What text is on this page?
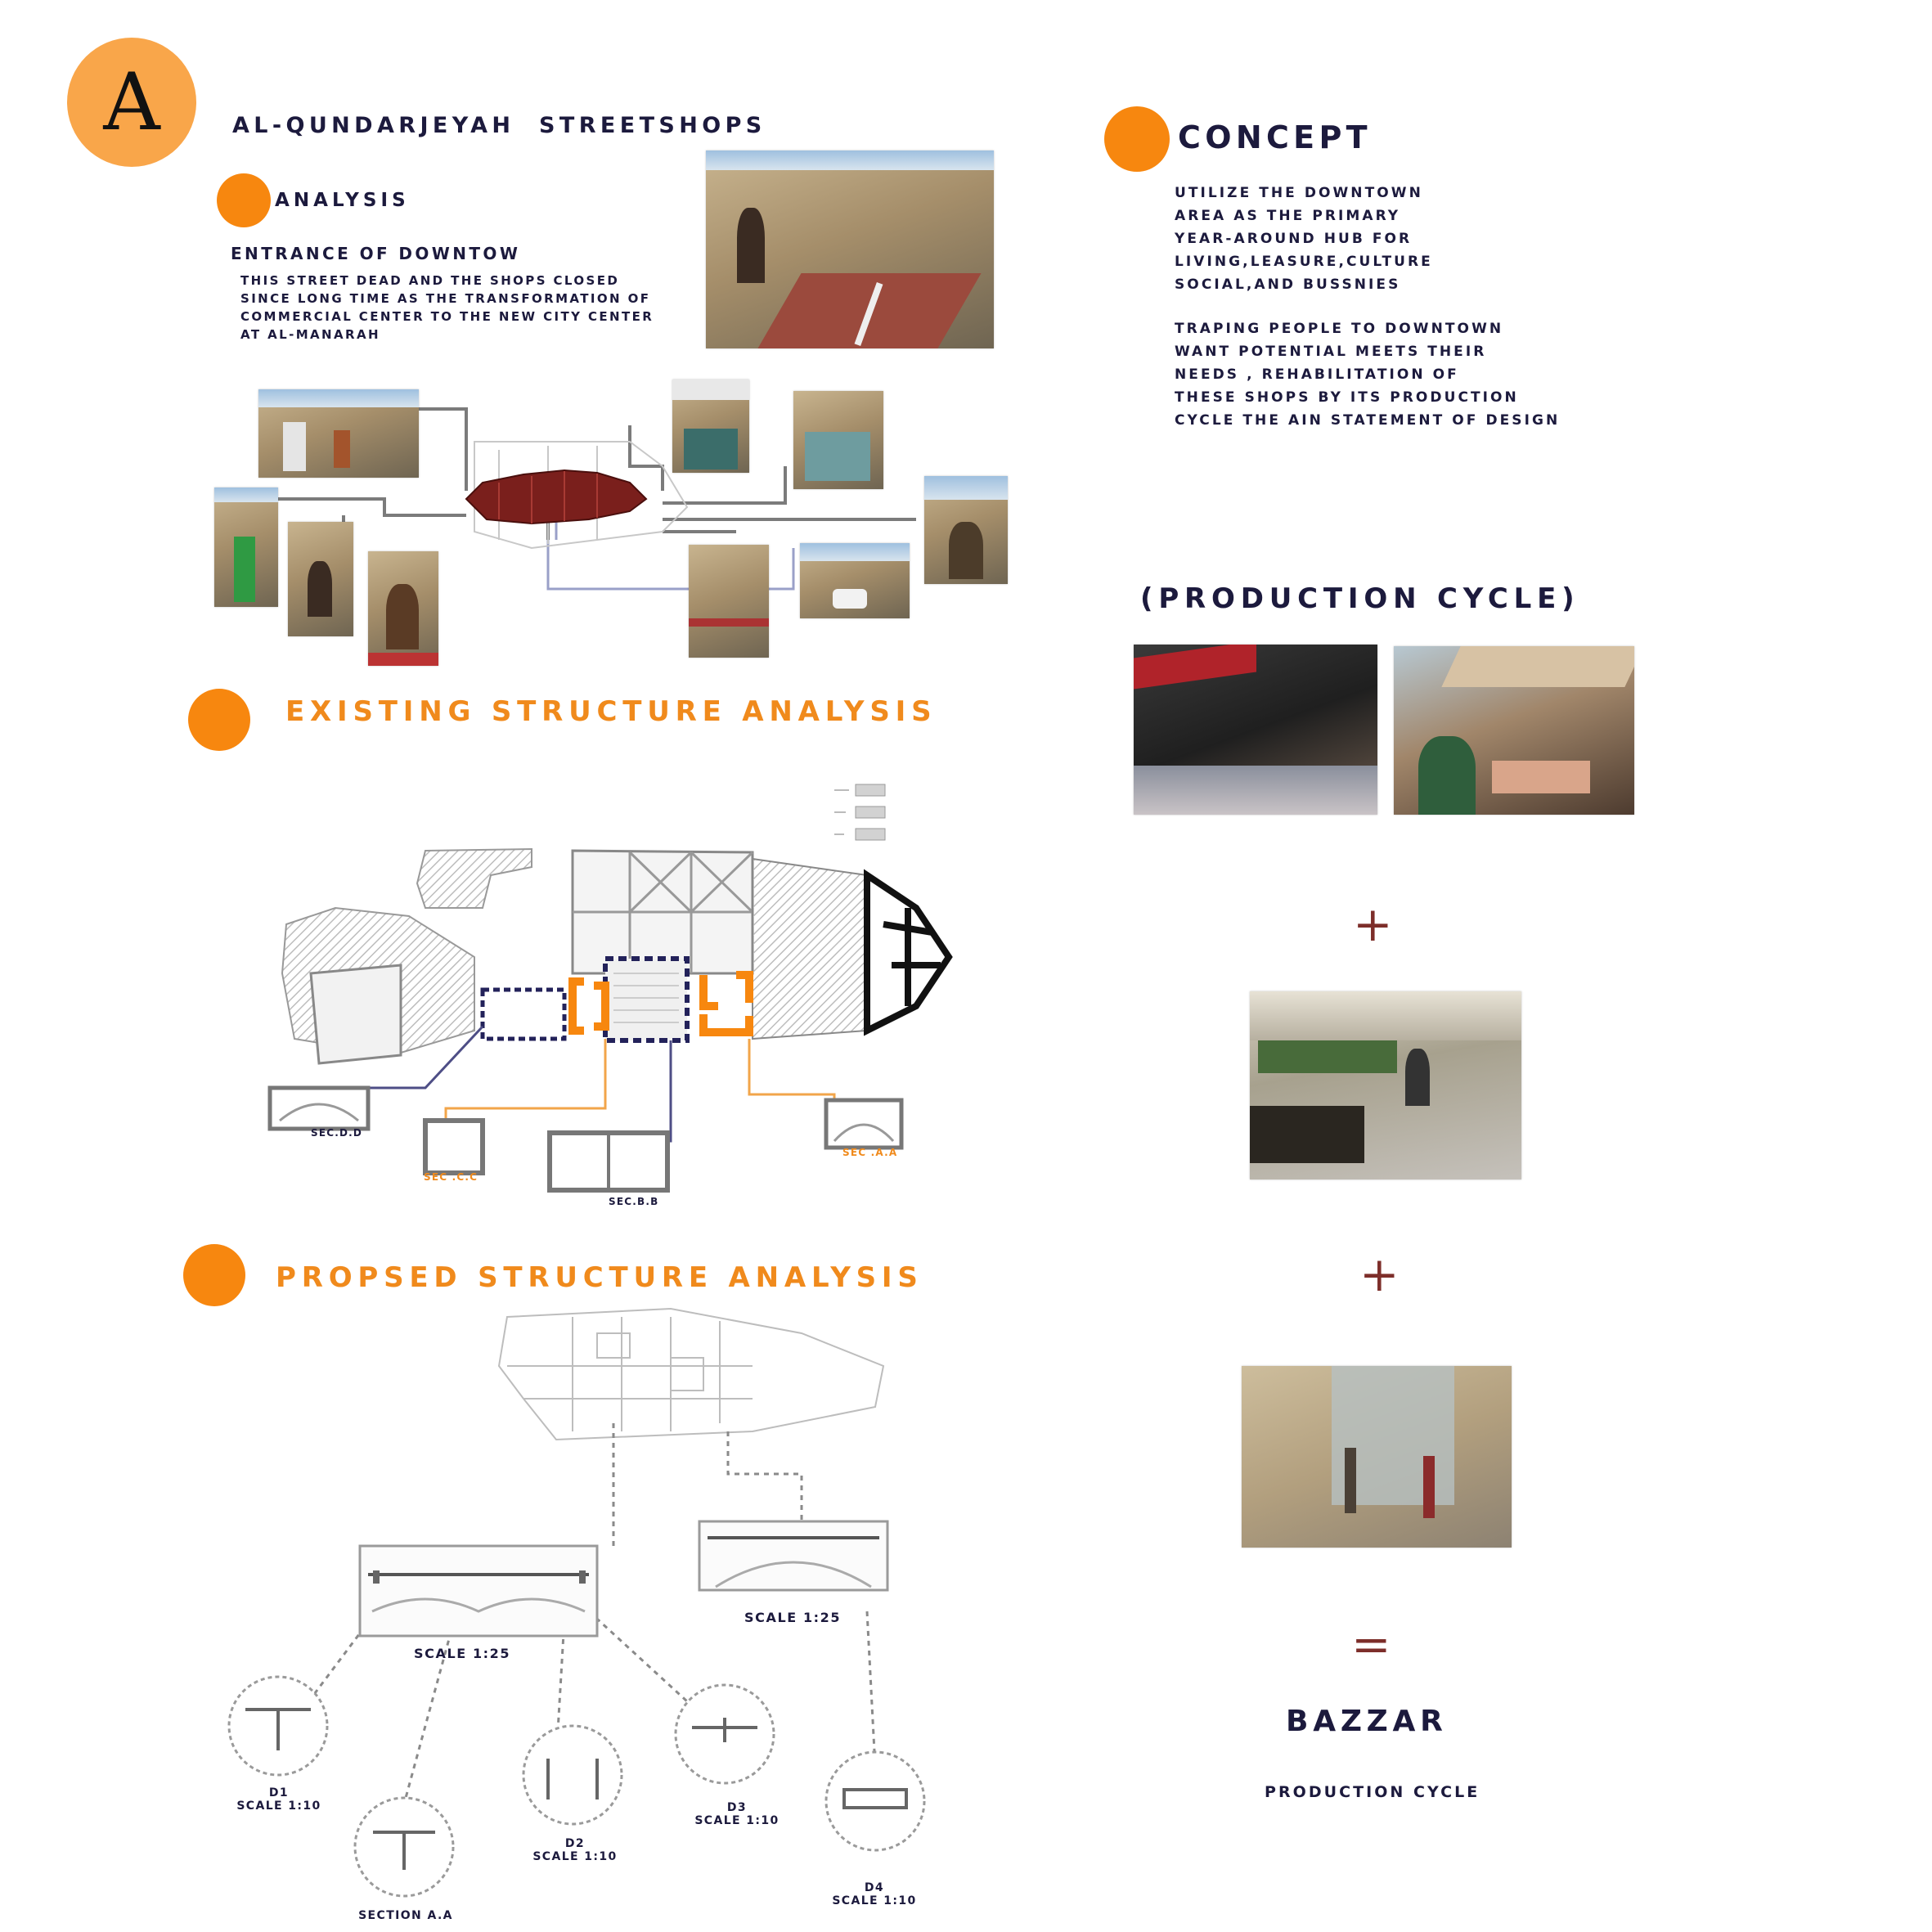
A	AL-QUNDARJEYAH  STREETSHOPS
ANALYSIS
ENTRANCE OF DOWNTOW
THIS STREET DEAD AND THE SHOPS CLOSED
SINCE LONG TIME AS THE TRANSFORMATION OF
COMMERCIAL CENTER TO THE NEW CITY CENTER
AT AL-MANARAH
EXISTING STRUCTURE ANALYSIS
SEC.D.D
SEC .C.C
SEC.B.B
SEC .A.A
PROPSED STRUCTURE ANALYSIS
SCALE 1:25
SCALE 1:25
D1
SCALE 1:10
SECTION A.A
D2
SCALE 1:10
D3
SCALE 1:10
D4
SCALE 1:10
CONCEPT
UTILIZE THE DOWNTOWN
AREA AS THE PRIMARY
YEAR-AROUND HUB FOR
LIVING,LEASURE,CULTURE
SOCIAL,AND BUSSNIES
TRAPING PEOPLE TO DOWNTOWN
WANT POTENTIAL MEETS THEIR
NEEDS , REHABILITATION OF
THESE SHOPS BY ITS PRODUCTION
CYCLE THE AIN STATEMENT OF DESIGN
(PRODUCTION CYCLE)
+
+
=
BAZZAR
PRODUCTION CYCLE
